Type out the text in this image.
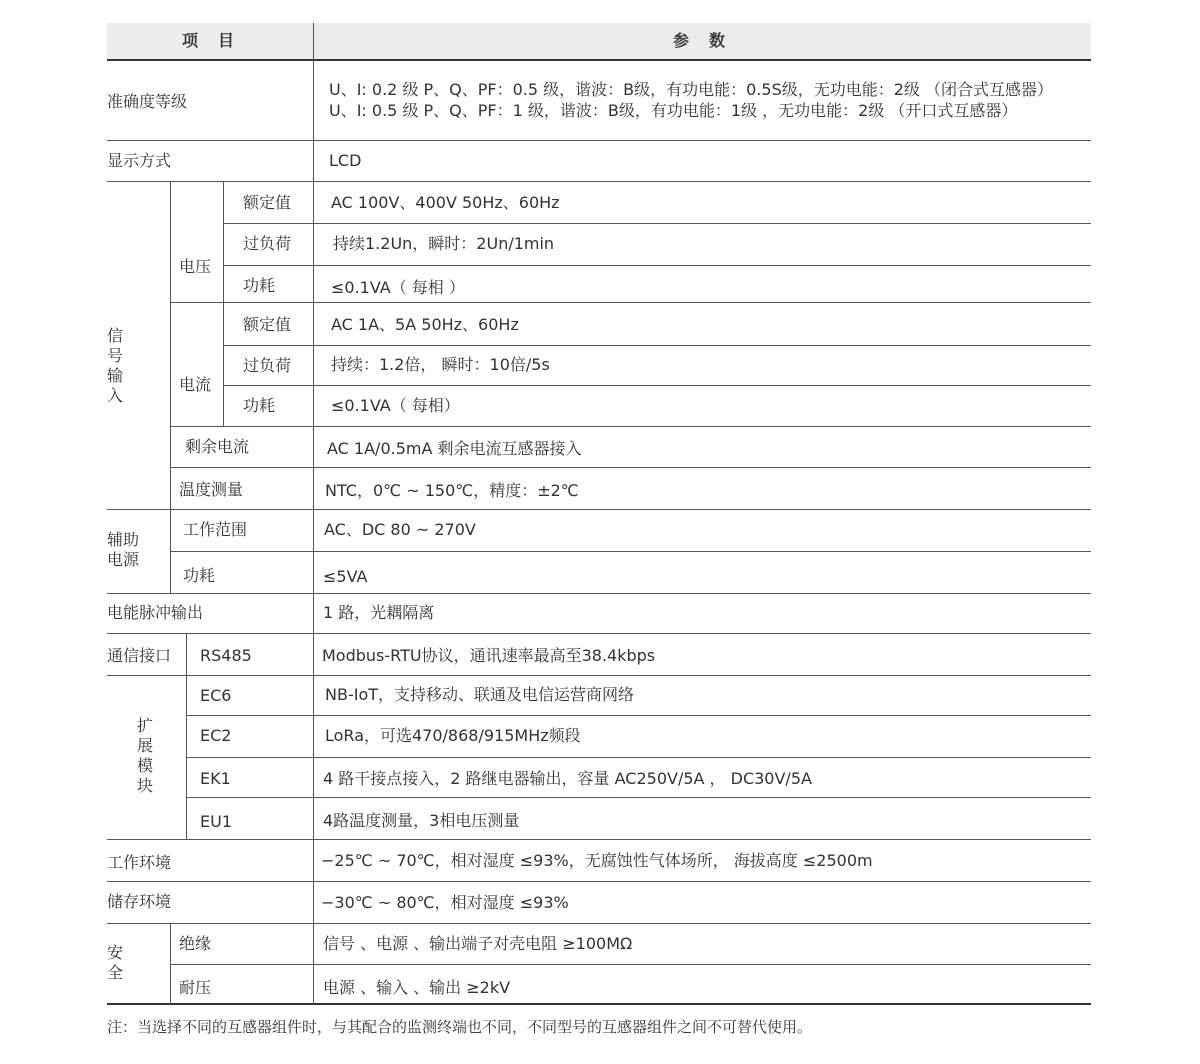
项　目	参　数
准确度等级
U、I: 0.2 级 P、Q、PF：0.5 级，谐波：B级，有功电能：0.5S级，无功电能：2级 （闭合式互感器）
U、I: 0.5 级 P、Q、PF：1 级，谐波：B级，有功电能：1级 ，无功电能：2级 （开口式互感器）
显示方式	LCD
信号输入
电压
额定值 AC 100V、400V 50Hz、60Hz
过负荷	持续1.2Un，瞬时：2Un/1min
功耗	≤0.1VA（ 每相 ）
电流
额定值 AC 1A、5A 50Hz、60Hz
过负荷 持续：1.2倍， 瞬时：10倍/5s
功耗	≤0.1VA（ 每相）
剩余电流	AC 1A/0.5mA 剩余电流互感器接入
温度测量	NTC，0℃ ~ 150℃，精度：±2℃
辅助电源
工作范围	AC、DC 80 ~ 270V
功耗	≤5VA
电能脉冲输出	1 路，光耦隔离
通信接口 RS485	Modbus-RTU协议，通讯速率最高至38.4kbps
扩展模块
EC6	NB-IoT，支持移动、联通及电信运营商网络
EC2	LoRa，可选470/868/915MHz频段
EK1	4 路干接点接入，2 路继电器输出，容量 AC250V/5A ， DC30V/5A
EU1	4路温度测量，3相电压测量
工作环境	−25℃ ~ 70℃，相对湿度 ≤93%，无腐蚀性气体场所， 海拔高度 ≤2500m
储存环境	−30℃ ~ 80℃，相对湿度 ≤93%
安全
绝缘	信号 、电源 、输出端子对壳电阻 ≥100MΩ
耐压	电源 、输入 、输出 ≥2kV
注：当选择不同的互感器组件时，与其配合的监测终端也不同，不同型号的互感器组件之间不可替代使用。
